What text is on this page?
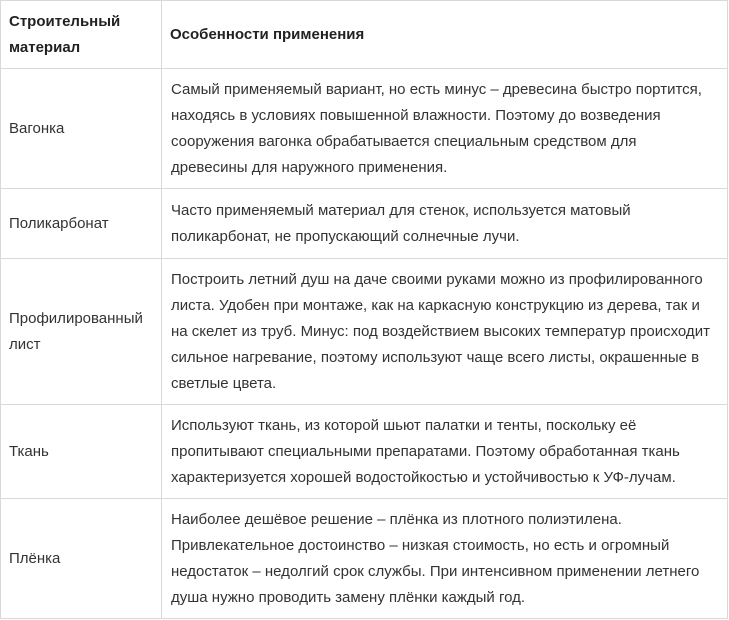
Строительный материал	Особенности применения
Вагонка	Самый применяемый вариант, но есть минус – древесина быстро портится, находясь в условиях повышенной влажности. Поэтому до возведения сооружения вагонка обрабатывается специальным средством для древесины для наружного применения.
Поликарбонат	Часто применяемый материал для стенок, используется матовый поликарбонат, не пропускающий солнечные лучи.
Профилированный лист	Построить летний душ на даче своими руками можно из профилированного листа. Удобен при монтаже, как на каркасную конструкцию из дерева, так и на скелет из труб. Минус: под воздействием высоких температур происходит сильное нагревание, поэтому используют чаще всего листы, окрашенные в светлые цвета.
Ткань	Используют ткань, из которой шьют палатки и тенты, поскольку её пропитывают специальными препаратами. Поэтому обработанная ткань характеризуется хорошей водостойкостью и устойчивостью к УФ-лучам.
Плёнка	Наиболее дешёвое решение – плёнка из плотного полиэтилена. Привлекательное достоинство – низкая стоимость, но есть и огромный недостаток – недолгий срок службы. При интенсивном применении летнего душа нужно проводить замену плёнки каждый год.
